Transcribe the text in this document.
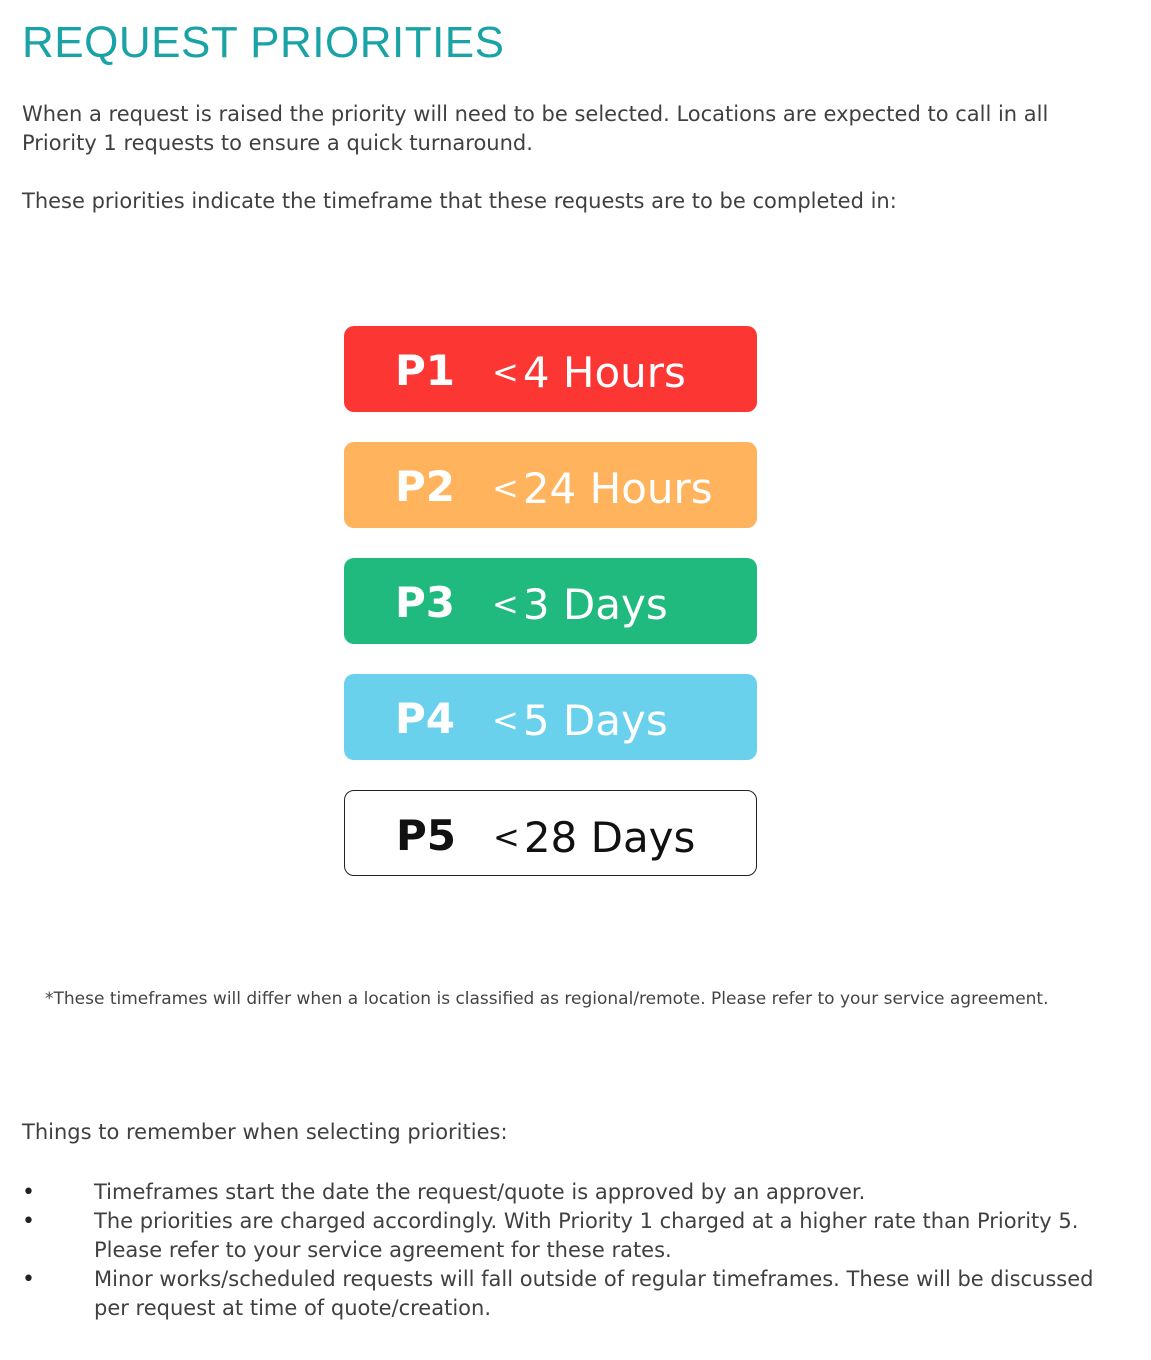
REQUEST PRIORITIES

When a request is raised the priority will need to be selected. Locations are expected to call in all Priority 1 requests to ensure a quick turnaround.

These priorities indicate the timeframe that these requests are to be completed in:

P1 <4 Hours
P2 <24 Hours
P3 <3 Days
P4 <5 Days
P5 <28 Days

*These timeframes will differ when a location is classified as regional/remote. Please refer to your service agreement.

Things to remember when selecting priorities:

•	Timeframes start the date the request/quote is approved by an approver.
•	The priorities are charged accordingly. With Priority 1 charged at a higher rate than Priority 5. Please refer to your service agreement for these rates.
•	Minor works/scheduled requests will fall outside of regular timeframes. These will be discussed per request at time of quote/creation.
